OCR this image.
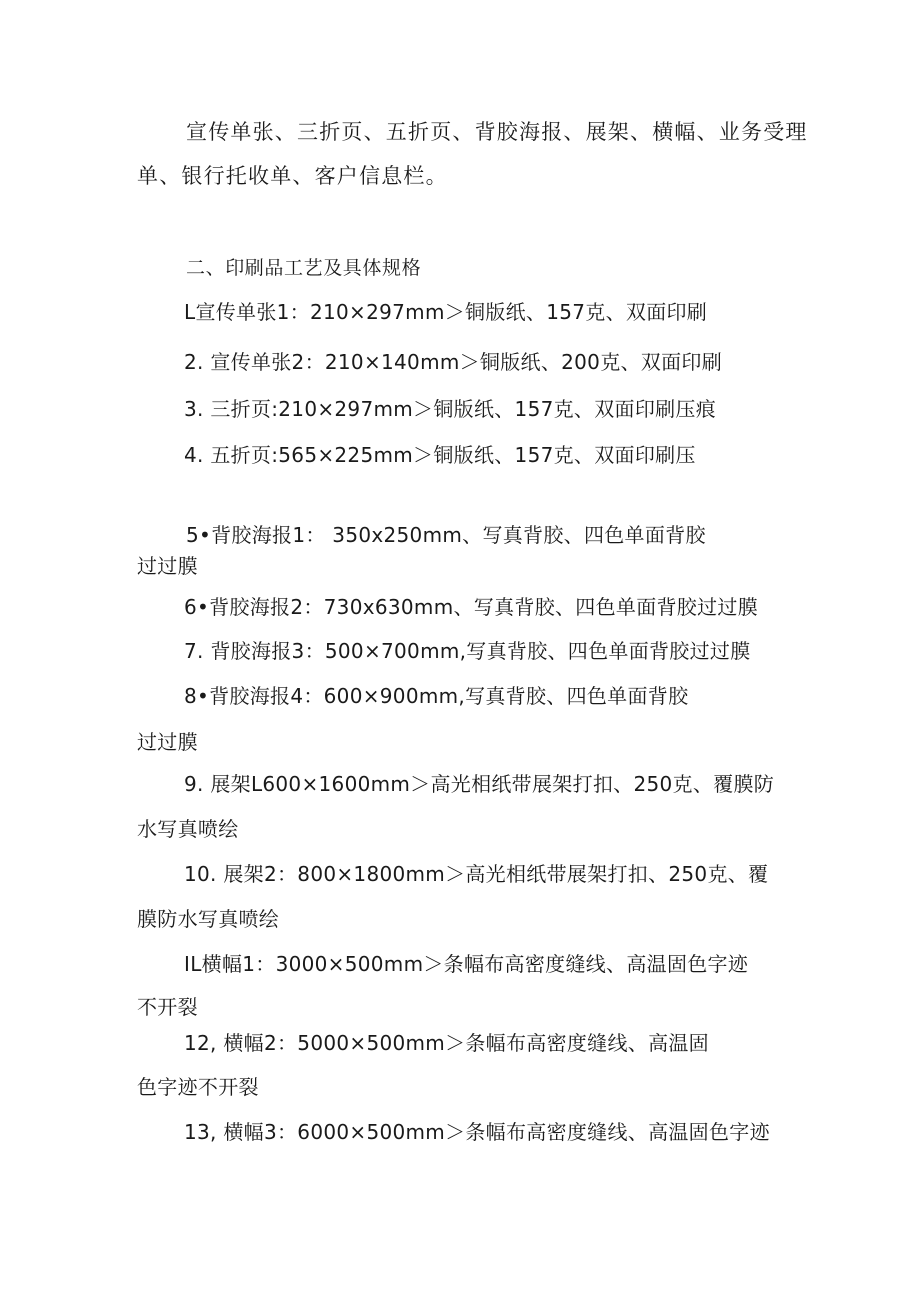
宣传单张、三折页、五折页、背胶海报、展架、横幅、业务受理
单、银行托收单、客户信息栏。
二、印刷品工艺及具体规格
L宣传单张1：210×297mm＞铜版纸、157克、双面印刷
2. 宣传单张2：210×140mm＞铜版纸、200克、双面印刷
3. 三折页:210×297mm＞铜版纸、157克、双面印刷压痕
4. 五折页:565×225mm＞铜版纸、157克、双面印刷压
5•背胶海报1： 350x250mm、写真背胶、四色单面背胶
过过膜
6•背胶海报2：730x630mm、写真背胶、四色单面背胶过过膜
7. 背胶海报3：500×700mm,写真背胶、四色单面背胶过过膜
8•背胶海报4：600×900mm,写真背胶、四色单面背胶
过过膜
9. 展架L600×1600mm＞高光相纸带展架打扣、250克、覆膜防
水写真喷绘
10. 展架2：800×1800mm＞高光相纸带展架打扣、250克、覆
膜防水写真喷绘
IL横幅1：3000×500mm＞条幅布高密度缝线、高温固色字迹
不开裂
12, 横幅2：5000×500mm＞条幅布高密度缝线、高温固
色字迹不开裂
13, 横幅3：6000×500mm＞条幅布高密度缝线、高温固色字迹
